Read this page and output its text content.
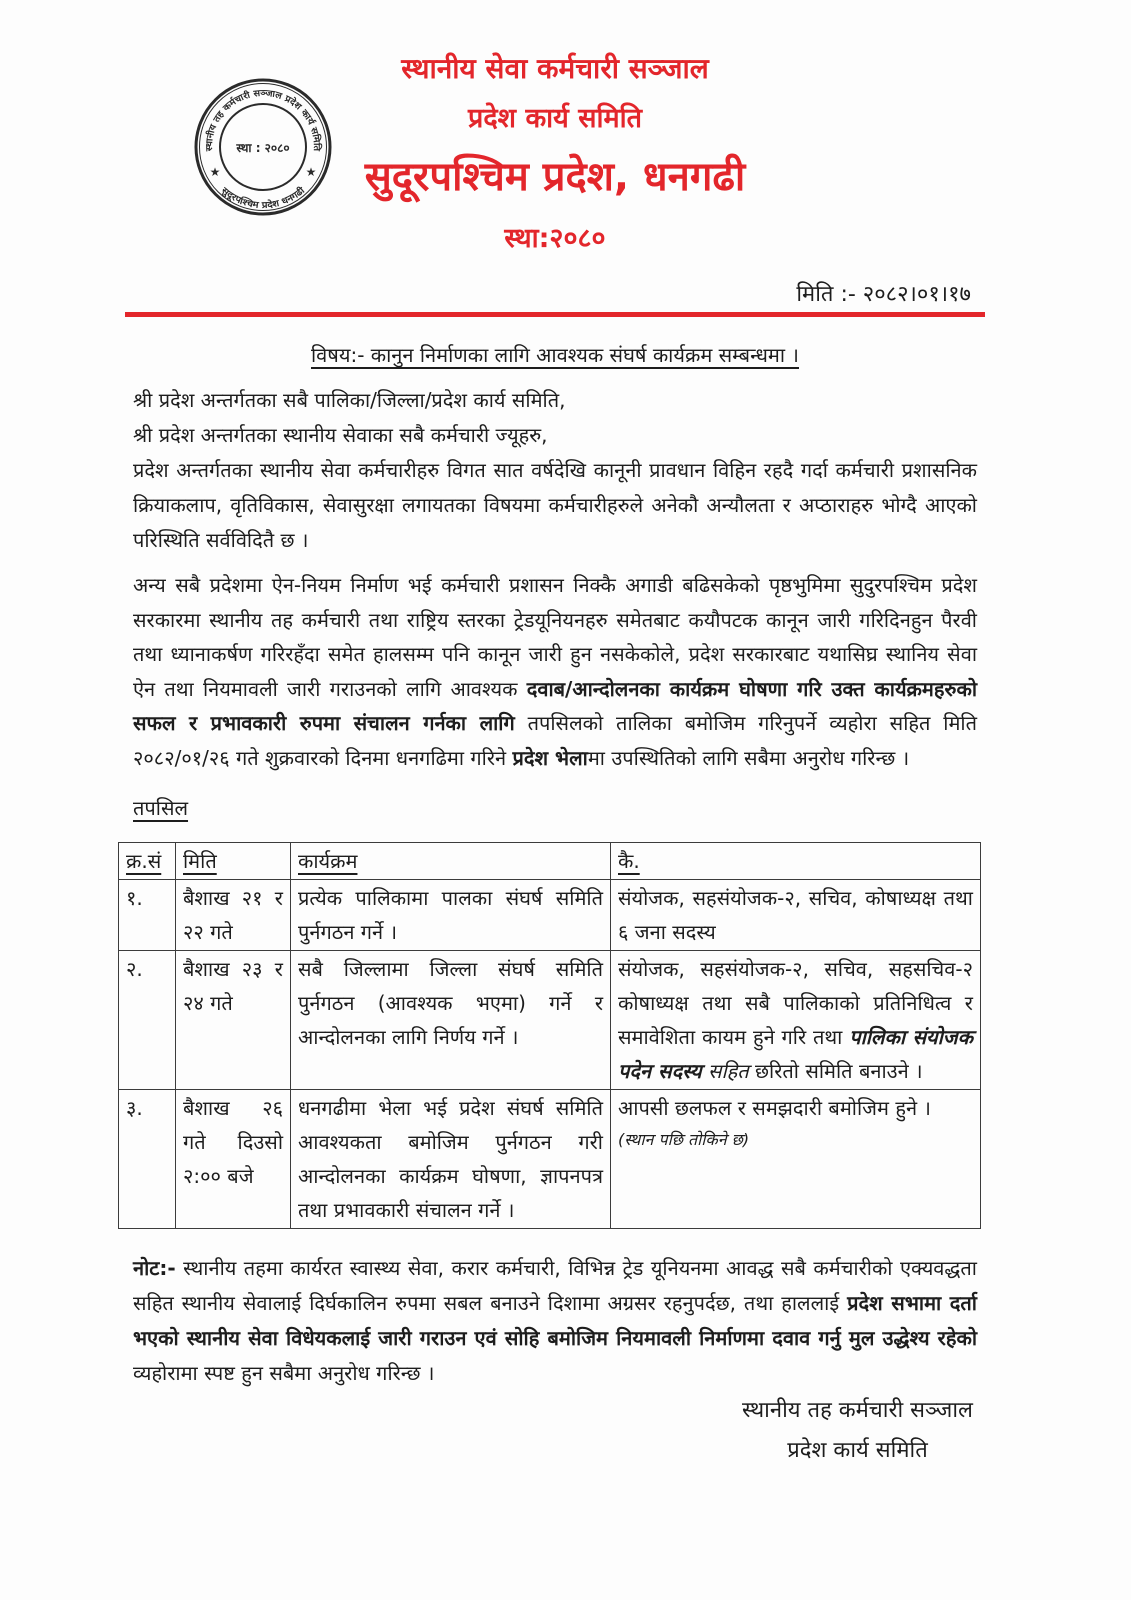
स्थानीय तह कर्मचारी सञ्जाल प्रदेश कार्य समिति
सुदूरपश्चिम प्रदेश धनगढी
★	★
स्था : २०८०
स्थानीय सेवा कर्मचारी सञ्जाल
प्रदेश कार्य समिति
सुदूरपश्चिम प्रदेश, धनगढी
स्था:२०८०
मिति :- २०८२।०१।१७
विषय:- कानुन निर्माणका लागि आवश्यक संघर्ष कार्यक्रम सम्बन्धमा ।
श्री प्रदेश अन्तर्गतका सबै पालिका/जिल्ला/प्रदेश कार्य समिति,
श्री प्रदेश अन्तर्गतका स्थानीय सेवाका सबै कर्मचारी ज्यूहरु,
प्रदेश अन्तर्गतका स्थानीय सेवा कर्मचारीहरु विगत सात वर्षदेखि कानूनी प्रावधान विहिन रहदै गर्दा कर्मचारी प्रशासनिक क्रियाकलाप, वृतिविकास, सेवासुरक्षा लगायतका विषयमा कर्मचारीहरुले अनेकौ अन्यौलता र अप्ठाराहरु भोग्दै आएको परिस्थिति सर्वविदितै छ ।
अन्य सबै प्रदेशमा ऐन-नियम निर्माण भई कर्मचारी प्रशासन निक्कै अगाडी बढिसकेको पृष्ठभुमिमा सुदुरपश्चिम प्रदेश सरकारमा स्थानीय तह कर्मचारी तथा राष्ट्रिय स्तरका ट्रेडयूनियनहरु समेतबाट कयौपटक कानून जारी गरिदिनहुन पैरवी तथा ध्यानाकर्षण गरिरहँदा समेत हालसम्म पनि कानून जारी हुन नसकेकोले, प्रदेश सरकारबाट यथासिघ्र स्थानिय सेवा ऐन तथा नियमावली जारी गराउनको लागि आवश्यक दवाब/आन्दोलनका कार्यक्रम घोषणा गरि उक्त कार्यक्रमहरुको सफल र प्रभावकारी रुपमा संचालन गर्नका लागि तपसिलको तालिका बमोजिम गरिनुपर्ने व्यहोरा सहित मिति २०८२/०१/२६ गते शुक्रवारको दिनमा धनगढिमा गरिने प्रदेश भेलामा उपस्थितिको लागि सबैमा अनुरोध गरिन्छ ।
तपसिल
क्र.सं	मिति	कार्यक्रम	कै.
१.	बैशाख २१ र २२ गते	प्रत्येक पालिकामा पालका संघर्ष समिति पुर्नगठन गर्ने ।	संयोजक, सहसंयोजक-२, सचिव, कोषाध्यक्ष तथा ६ जना सदस्य
२.	बैशाख २३ र २४ गते	सबै जिल्लामा जिल्ला संघर्ष समिति पुर्नगठन (आवश्यक भएमा) गर्ने र आन्दोलनका लागि निर्णय गर्ने ।	संयोजक, सहसंयोजक-२, सचिव, सहसचिव-२ कोषाध्यक्ष तथा सबै पालिकाको प्रतिनिधित्व र समावेशिता कायम हुने गरि तथा पालिका संयोजक पदेन सदस्य सहित छरितो समिति बनाउने ।
३.	बैशाख २६ गते दिउसो २:०० बजे	धनगढीमा भेला भई प्रदेश संघर्ष समिति आवश्यकता बमोजिम पुर्नगठन गरी आन्दोलनका कार्यक्रम घोषणा, ज्ञापनपत्र तथा प्रभावकारी संचालन गर्ने ।	आपसी छलफल र समझदारी बमोजिम हुने ।
(स्थान पछि तोकिने छ)
नोट:- स्थानीय तहमा कार्यरत स्वास्थ्य सेवा, करार कर्मचारी, विभिन्न ट्रेड यूनियनमा आवद्ध सबै कर्मचारीको एक्यवद्धता सहित स्थानीय सेवालाई दिर्घकालिन रुपमा सबल बनाउने दिशामा अग्रसर रहनुपर्दछ, तथा हाललाई प्रदेश सभामा दर्ता भएको स्थानीय सेवा विधेयकलाई जारी गराउन एवं सोहि बमोजिम नियमावली निर्माणमा दवाव गर्नु मुल उद्धेश्य रहेको व्यहोरामा स्पष्ट हुन सबैमा अनुरोध गरिन्छ ।
स्थानीय तह कर्मचारी सञ्जाल
प्रदेश कार्य समिति
